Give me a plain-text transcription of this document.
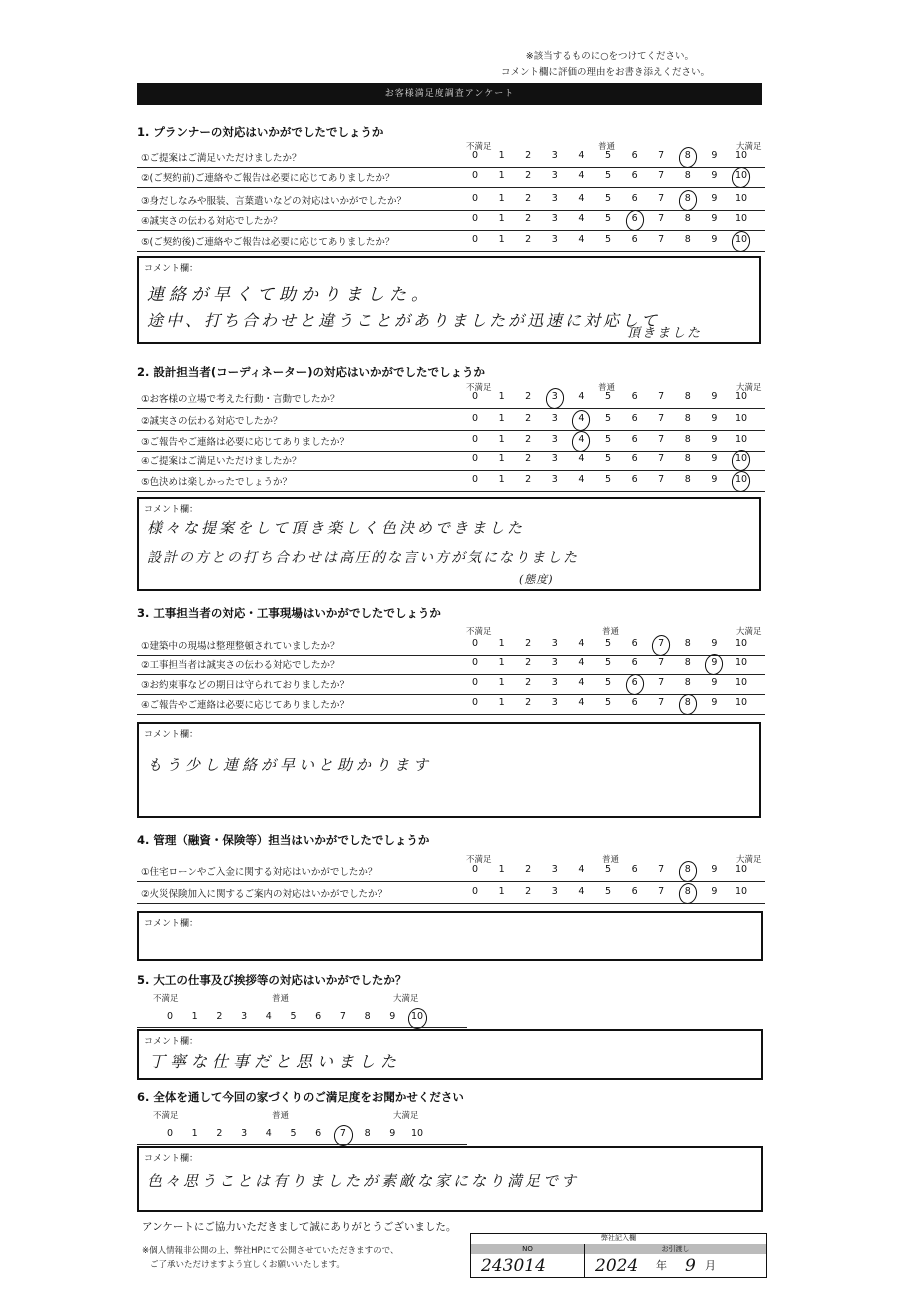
※該当するものに○をつけてください。
コメント欄に評価の理由をお書き添えください。
お客様満足度調査アンケート
1. プランナーの対応はいかがでしたでしょうか
不満足	普通	大満足
①ご提案はご満足いただけましたか？	0	1	2	3	4	5	6	7	8	9	10
②(ご契約前)ご連絡やご報告は必要に応じてありましたか？	0	1	2	3	4	5	6	7	8	9	10
③身だしなみや服装、言葉遣いなどの対応はいかがでしたか？	0	1	2	3	4	5	6	7	8	9	10
④誠実さの伝わる対応でしたか？	0	1	2	3	4	5	6	7	8	9	10
⑤(ご契約後)ご連絡やご報告は必要に応じてありましたか？	0	1	2	3	4	5	6	7	8	9	10
コメント欄：
連絡が早くて助かりました。
途中、打ち合わせと違うことがありましたが迅速に対応して
頂きました
2. 設計担当者(コーディネーター)の対応はいかがでしたでしょうか
不満足	普通	大満足
①お客様の立場で考えた行動・言動でしたか？	0	1	2	3	4	5	6	7	8	9	10
②誠実さの伝わる対応でしたか？	0	1	2	3	4	5	6	7	8	9	10
③ご報告やご連絡は必要に応じてありましたか？	0	1	2	3	4	5	6	7	8	9	10
④ご提案はご満足いただけましたか？	0	1	2	3	4	5	6	7	8	9	10
⑤色決めは楽しかったでしょうか？	0	1	2	3	4	5	6	7	8	9	10
コメント欄：
様々な提案をして頂き楽しく色決めできました
設計の方との打ち合わせは高圧的な言い方が気になりました
(態度)
3. 工事担当者の対応・工事現場はいかがでしたでしょうか
不満足	普通	大満足
①建築中の現場は整理整頓されていましたか？	0	1	2	3	4	5	6	7	8	9	10
②工事担当者は誠実さの伝わる対応でしたか？	0	1	2	3	4	5	6	7	8	9	10
③お約束事などの期日は守られておりましたか？	0	1	2	3	4	5	6	7	8	9	10
④ご報告やご連絡は必要に応じてありましたか？	0	1	2	3	4	5	6	7	8	9	10
コメント欄：
もう少し連絡が早いと助かります
4. 管理（融資・保険等）担当はいかがでしたでしょうか
不満足	普通	大満足
①住宅ローンやご入金に関する対応はいかがでしたか？	0	1	2	3	4	5	6	7	8	9	10
②火災保険加入に関するご案内の対応はいかがでしたか？	0	1	2	3	4	5	6	7	8	9	10
コメント欄：
5. 大工の仕事及び挨拶等の対応はいかがでしたか？
不満足	普通	大満足
0	1	2	3	4	5	6	7	8	9	10
コメント欄：
丁寧な仕事だと思いました
6. 全体を通して今回の家づくりのご満足度をお聞かせください
不満足	普通	大満足
0	1	2	3	4	5	6	7	8	9	10
コメント欄：
色々思うことは有りましたが素敵な家になり満足です
アンケートにご協力いただきまして誠にありがとうございました。
※個人情報非公開の上、弊社HPにて公開させていただきますので、
ご了承いただけますよう宜しくお願いいたします。
弊社記入欄
NO	お引渡し
243014	2024 年 9 月
